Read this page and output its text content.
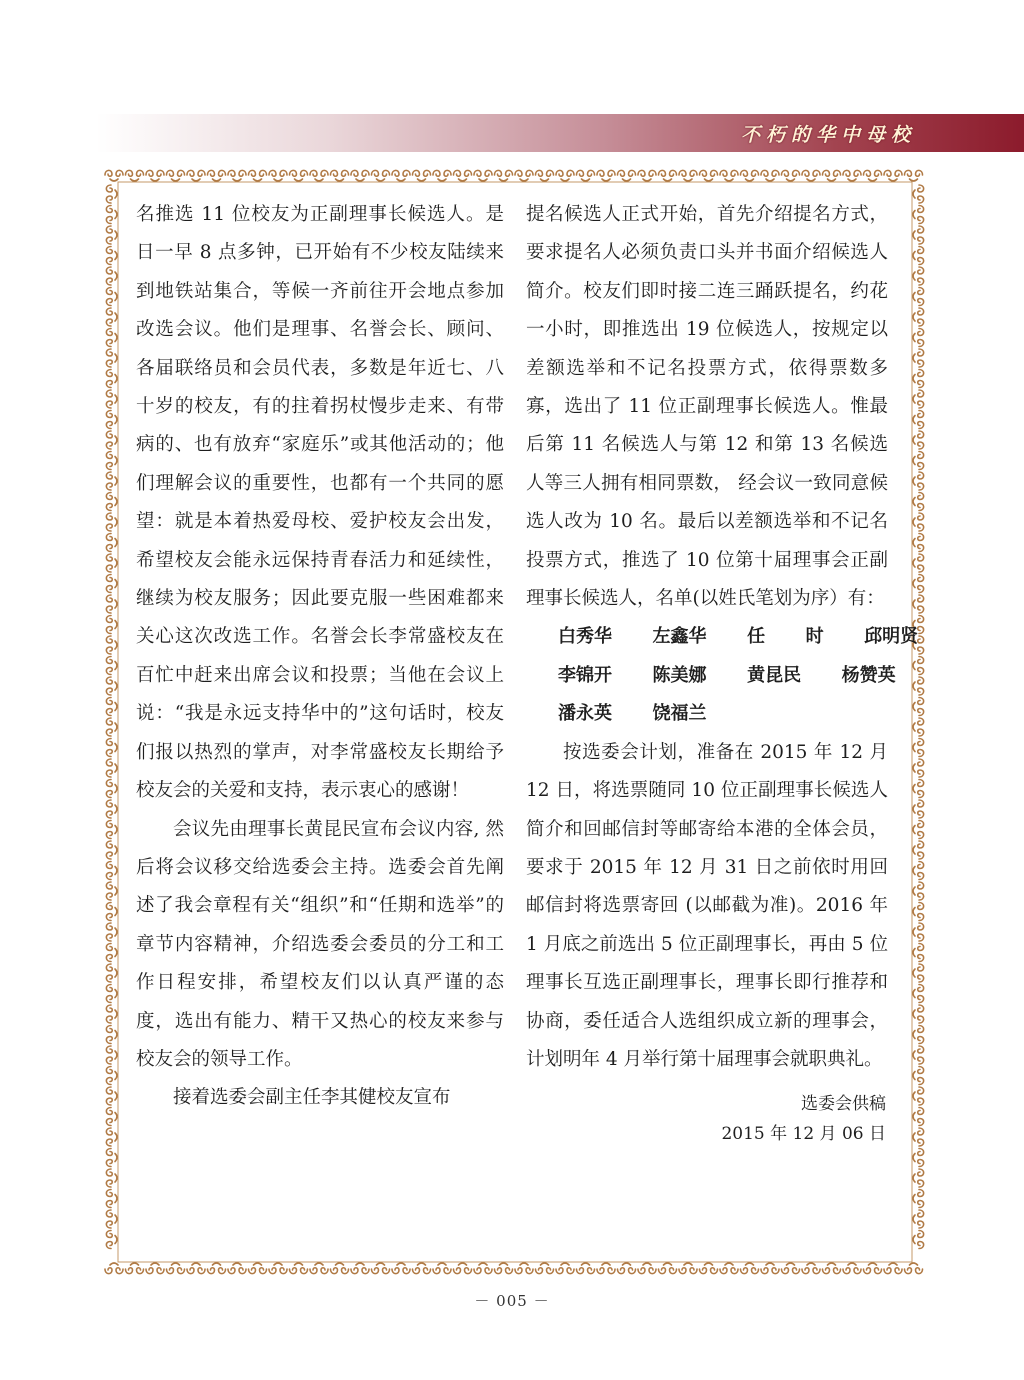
不朽的华中母校

名推选 11 位校友为正副理事长候选人。是日一早 8 点多钟，已开始有不少校友陆续来到地铁站集合，等候一齐前往开会地点参加改选会议。他们是理事、名誉会长、顾问、各届联络员和会员代表，多数是年近七、八十岁的校友，有的拄着拐杖慢步走来、有带病的、也有放弃“家庭乐”或其他活动的；他们理解会议的重要性，也都有一个共同的愿望：就是本着热爱母校、爱护校友会出发，希望校友会能永远保持青春活力和延续性，继续为校友服务；因此要克服一些困难都来关心这次改选工作。名誉会长李常盛校友在百忙中赶来出席会议和投票；当他在会议上说：“我是永远支持华中的”这句话时，校友们报以热烈的掌声，对李常盛校友长期给予校友会的关爱和支持，表示衷心的感谢！

会议先由理事长黄昆民宣布会议内容, 然后将会议移交给选委会主持。选委会首先阐述了我会章程有关“组织”和“任期和选举”的章节内容精神，介绍选委会委员的分工和工作日程安排，希望校友们以认真严谨的态度，选出有能力、精干又热心的校友来参与校友会的领导工作。

接着选委会副主任李其健校友宣布

提名候选人正式开始，首先介绍提名方式，要求提名人必须负责口头并书面介绍候选人简介。校友们即时接二连三踊跃提名，约花一小时，即推选出 19 位候选人，按规定以差额选举和不记名投票方式，依得票数多寡，选出了 11 位正副理事长候选人。惟最后第 11 名候选人与第 12 和第 13 名候选人等三人拥有相同票数， 经会议一致同意候选人改为 10 名。最后以差额选举和不记名投票方式，推选了 10 位第十届理事会正副理事长候选人，名单(以姓氏笔划为序）有：

白秀华  左鑫华  任  时  邱明贤

李锦开  陈美娜  黄昆民  杨赞英

潘永英  饶福兰

按选委会计划，准备在 2015 年 12 月 12 日，将选票随同 10 位正副理事长候选人简介和回邮信封等邮寄给本港的全体会员，要求于 2015 年 12 月 31 日之前依时用回邮信封将选票寄回 (以邮截为准)。2016 年 1 月底之前选出 5 位正副理事长，再由 5 位理事长互选正副理事长，理事长即行推荐和协商，委任适合人选组织成立新的理事会，计划明年 4 月举行第十届理事会就职典礼。

选委会供稿

2015 年 12 月 06 日

－ 005 －
